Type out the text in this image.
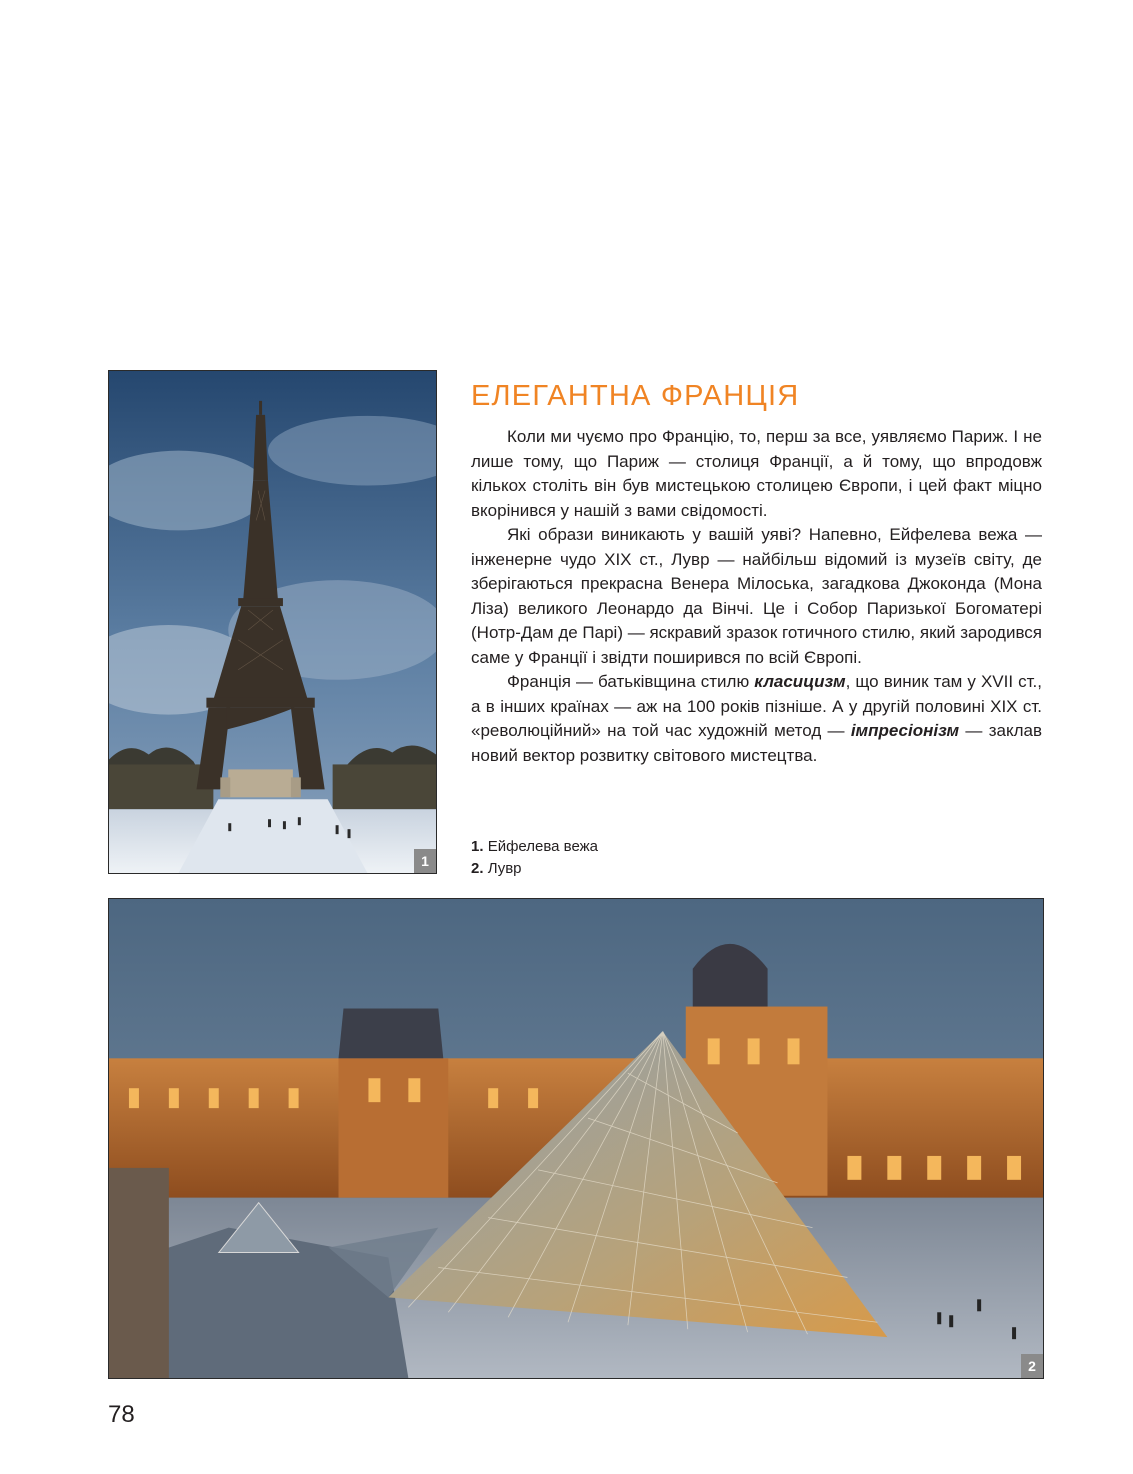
1
ЕЛЕГАНТНА ФРАНЦІЯ

Коли ми чуємо про Францію, то, перш за все, уявляємо Париж. І не лише тому, що Париж — столиця Франції, а й тому, що впродовж кількох століть він був мистецькою столицею Європи, і цей факт міцно вкорінився у нашій з вами свідомості.

Які образи виникають у вашій уяві? Напевно, Ейфелева вежа — інженерне чудо XIX ст., Лувр — найбільш відомий із музеїв світу, де зберігаються прекрасна Венера Мілоська, загадкова Джоконда (Мона Ліза) великого Леонардо да Вінчі. Це і Собор Паризької Богоматері (Нотр-Дам де Парі) — яскравий зразок готичного стилю, який зародився саме у Франції і звідти поширився по всій Європі.

Франція — батьківщина стилю класицизм, що виник там у XVII ст., а в інших країнах — аж на 100 років пізніше. А у другій половині XIX ст. «революційний» на той час художній метод — імпресіонізм — заклав новий вектор розвитку світового мистецтва.

1. Ейфелева вежа
2. Лувр
2
78
